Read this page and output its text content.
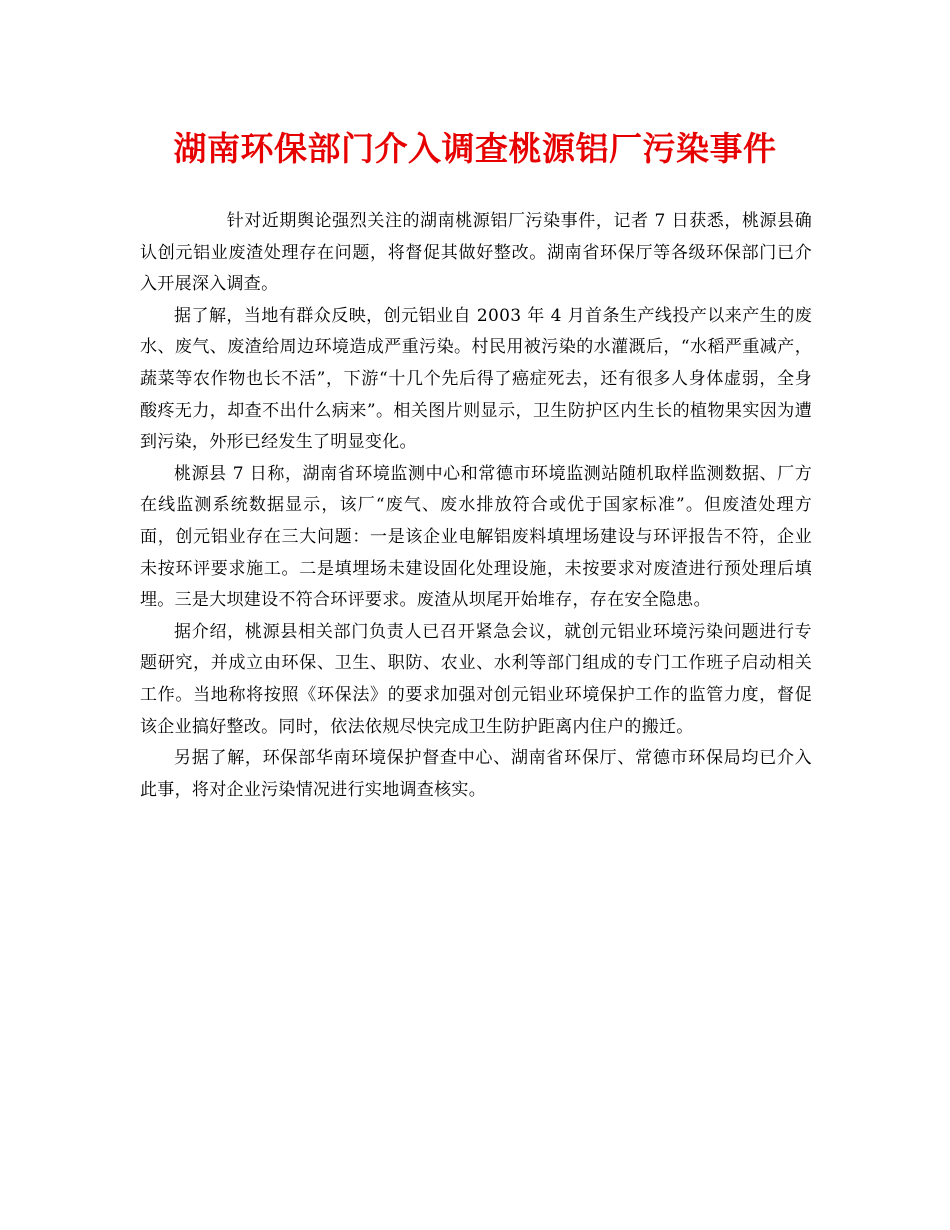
湖南环保部门介入调查桃源铝厂污染事件

针对近期舆论强烈关注的湖南桃源铝厂污染事件，记者 7 日获悉，桃源县确认创元铝业废渣处理存在问题，将督促其做好整改。湖南省环保厅等各级环保部门已介入开展深入调查。

据了解，当地有群众反映，创元铝业自 2003 年 4 月首条生产线投产以来产生的废水、废气、废渣给周边环境造成严重污染。村民用被污染的水灌溉后，“水稻严重减产，蔬菜等农作物也长不活”，下游“十几个先后得了癌症死去，还有很多人身体虚弱，全身酸疼无力，却查不出什么病来”。相关图片则显示，卫生防护区内生长的植物果实因为遭到污染，外形已经发生了明显变化。

桃源县 7 日称，湖南省环境监测中心和常德市环境监测站随机取样监测数据、厂方在线监测系统数据显示，该厂“废气、废水排放符合或优于国家标准”。但废渣处理方面，创元铝业存在三大问题：一是该企业电解铝废料填埋场建设与环评报告不符，企业未按环评要求施工。二是填埋场未建设固化处理设施，未按要求对废渣进行预处理后填埋。三是大坝建设不符合环评要求。废渣从坝尾开始堆存，存在安全隐患。

据介绍，桃源县相关部门负责人已召开紧急会议，就创元铝业环境污染问题进行专题研究，并成立由环保、卫生、职防、农业、水利等部门组成的专门工作班子启动相关工作。当地称将按照《环保法》的要求加强对创元铝业环境保护工作的监管力度，督促该企业搞好整改。同时，依法依规尽快完成卫生防护距离内住户的搬迁。

另据了解，环保部华南环境保护督查中心、湖南省环保厅、常德市环保局均已介入此事，将对企业污染情况进行实地调查核实。
